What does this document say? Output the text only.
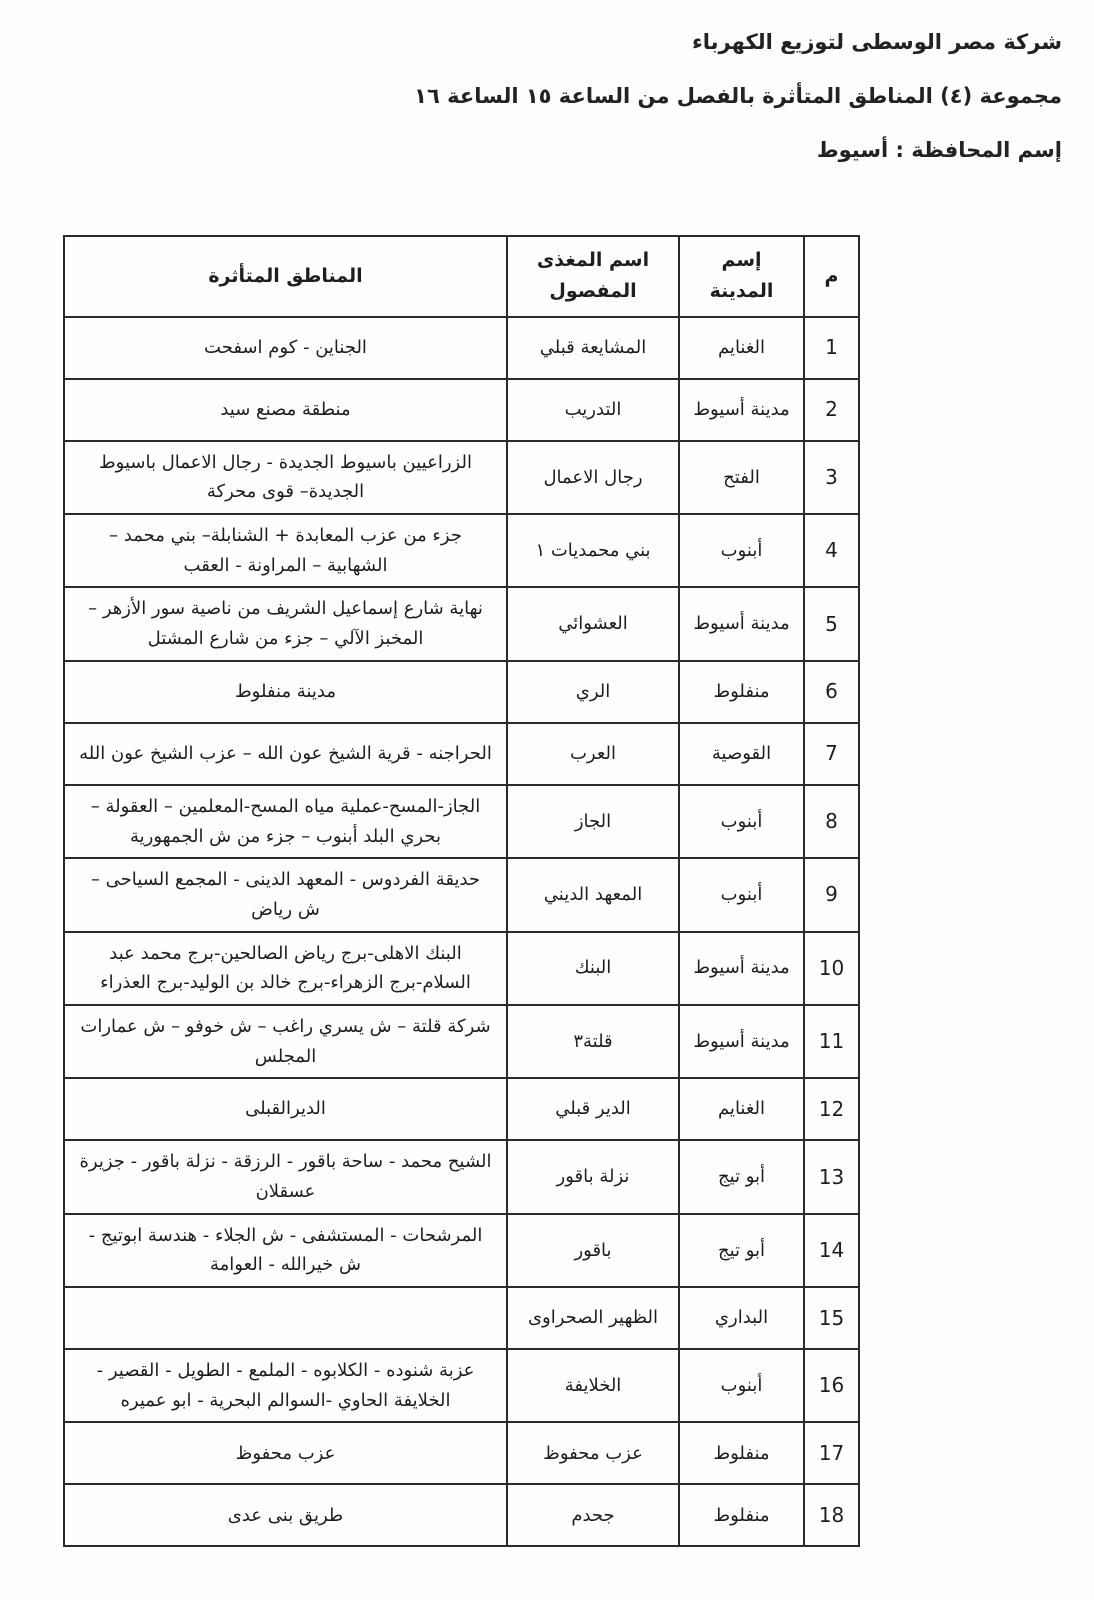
شركة مصر الوسطى لتوزيع الكهرباء
مجموعة (٤) المناطق المتأثرة بالفصل من الساعة ١٥ الساعة ١٦
إسم المحافظة : أسيوط
م	إسم المدينة	اسم المغذى المفصول	المناطق المتأثرة
1	الغنايم	المشايعة قبلي	الجناين - كوم اسفحت
2	مدينة أسيوط	التدريب	منطقة مصنع سيد
3	الفتح	رجال الاعمال	الزراعيين باسيوط الجديدة - رجال الاعمال باسيوط الجديدة– قوى محركة
4	أبنوب	بني محمديات ١	جزء من عزب المعابدة + الشنابلة– بني محمد – الشهابية – المراونة - العقب
5	مدينة أسيوط	العشوائي	نهاية شارع إسماعيل الشريف من ناصية سور الأزهر – المخبز الآلي – جزء من شارع المشتل
6	منفلوط	الري	مدينة منفلوط
7	القوصية	العرب	الحراجنه - قرية الشيخ عون الله – عزب الشيخ عون الله
8	أبنوب	الجاز	الجاز-المسح-عملية مياه المسح-المعلمين – العقولة – بحري البلد أبنوب – جزء من ش الجمهورية
9	أبنوب	المعهد الديني	حديقة الفردوس - المعهد الدينى - المجمع السياحى – ش رياض
10	مدينة أسيوط	البنك	البنك الاهلى-برج رياض الصالحين-برج محمد عبد السلام-برج الزهراء-برج خالد بن الوليد-برج العذراء
11	مدينة أسيوط	قلتة٣	شركة قلتة – ش يسري راغب – ش خوفو – ش عمارات المجلس
12	الغنايم	الدير قبلي	الديرالقبلى
13	أبو تيج	نزلة باقور	الشيح محمد - ساحة باقور - الرزقة - نزلة باقور - جزيرة عسقلان
14	أبو تيج	باقور	المرشحات - المستشفى - ش الجلاء - هندسة ابوتيج - ش خيرالله - العوامة
15	البداري	الظهير الصحراوى	
16	أبنوب	الخلايفة	عزبة شنوده - الكلابوه - الملمع - الطويل - القصير - الخلايفة الحاوي -السوالم البحرية - ابو عميره
17	منفلوط	عزب محفوظ	عزب محفوظ
18	منفلوط	جحدم	طريق بنى عدى
